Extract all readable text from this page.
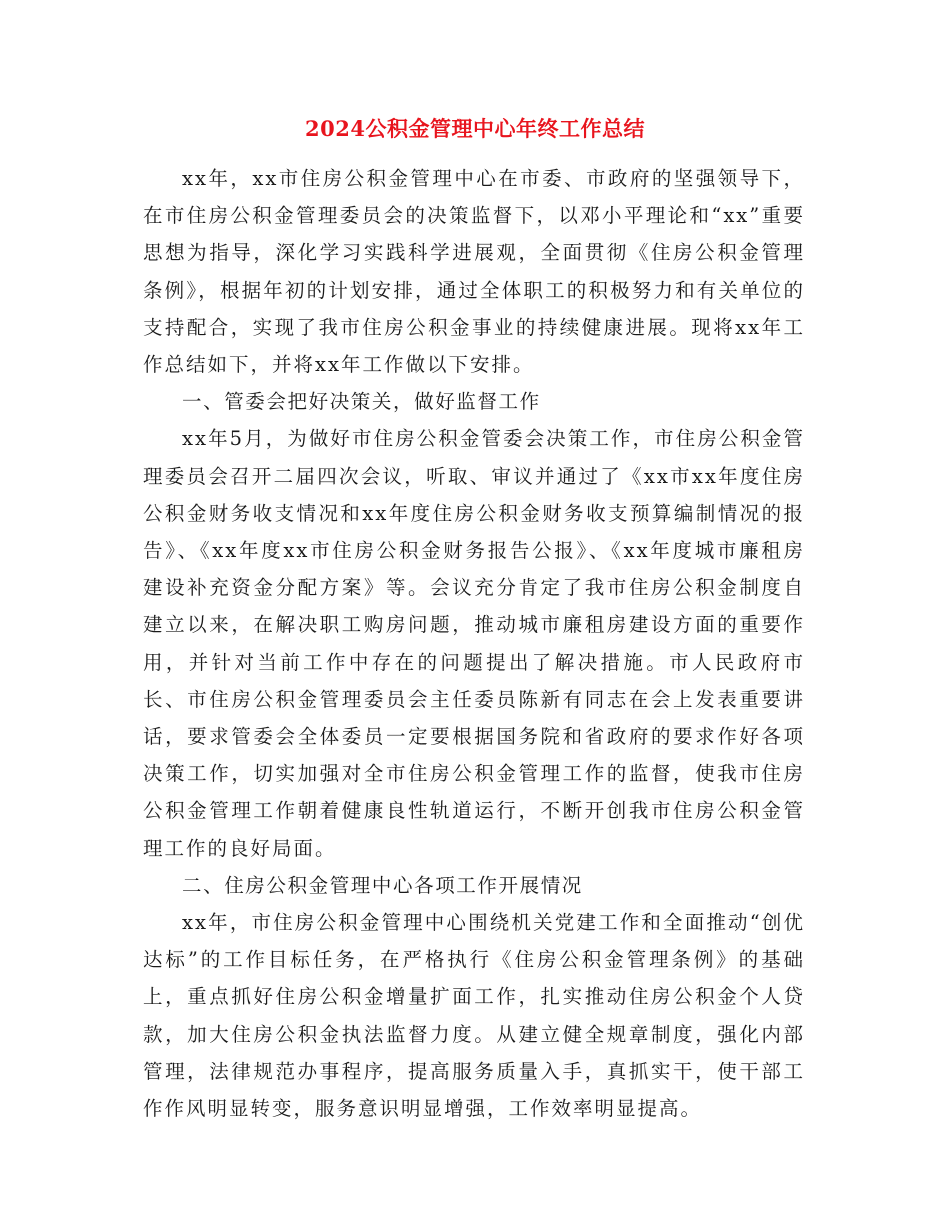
2024公积金管理中心年终工作总结

xx年，xx市住房公积金管理中心在市委、市政府的坚强领导下，在市住房公积金管理委员会的决策监督下，以邓小平理论和“xx”重要思想为指导，深化学习实践科学进展观，全面贯彻《住房公积金管理条例》，根据年初的计划安排，通过全体职工的积极努力和有关单位的支持配合，实现了我市住房公积金事业的持续健康进展。现将xx年工作总结如下，并将xx年工作做以下安排。

一、管委会把好决策关，做好监督工作

xx年5月，为做好市住房公积金管委会决策工作，市住房公积金管理委员会召开二届四次会议，听取、审议并通过了《xx市xx年度住房公积金财务收支情况和xx年度住房公积金财务收支预算编制情况的报告》、《xx年度xx市住房公积金财务报告公报》、《xx年度城市廉租房建设补充资金分配方案》等。会议充分肯定了我市住房公积金制度自建立以来，在解决职工购房问题，推动城市廉租房建设方面的重要作用，并针对当前工作中存在的问题提出了解决措施。市人民政府市长、市住房公积金管理委员会主任委员陈新有同志在会上发表重要讲话，要求管委会全体委员一定要根据国务院和省政府的要求作好各项决策工作，切实加强对全市住房公积金管理工作的监督，使我市住房公积金管理工作朝着健康良性轨道运行，不断开创我市住房公积金管理工作的良好局面。

二、住房公积金管理中心各项工作开展情况

xx年，市住房公积金管理中心围绕机关党建工作和全面推动“创优达标”的工作目标任务，在严格执行《住房公积金管理条例》的基础上，重点抓好住房公积金增量扩面工作，扎实推动住房公积金个人贷款，加大住房公积金执法监督力度。从建立健全规章制度，强化内部管理，法律规范办事程序，提高服务质量入手，真抓实干，使干部工作作风明显转变，服务意识明显增强，工作效率明显提高。
